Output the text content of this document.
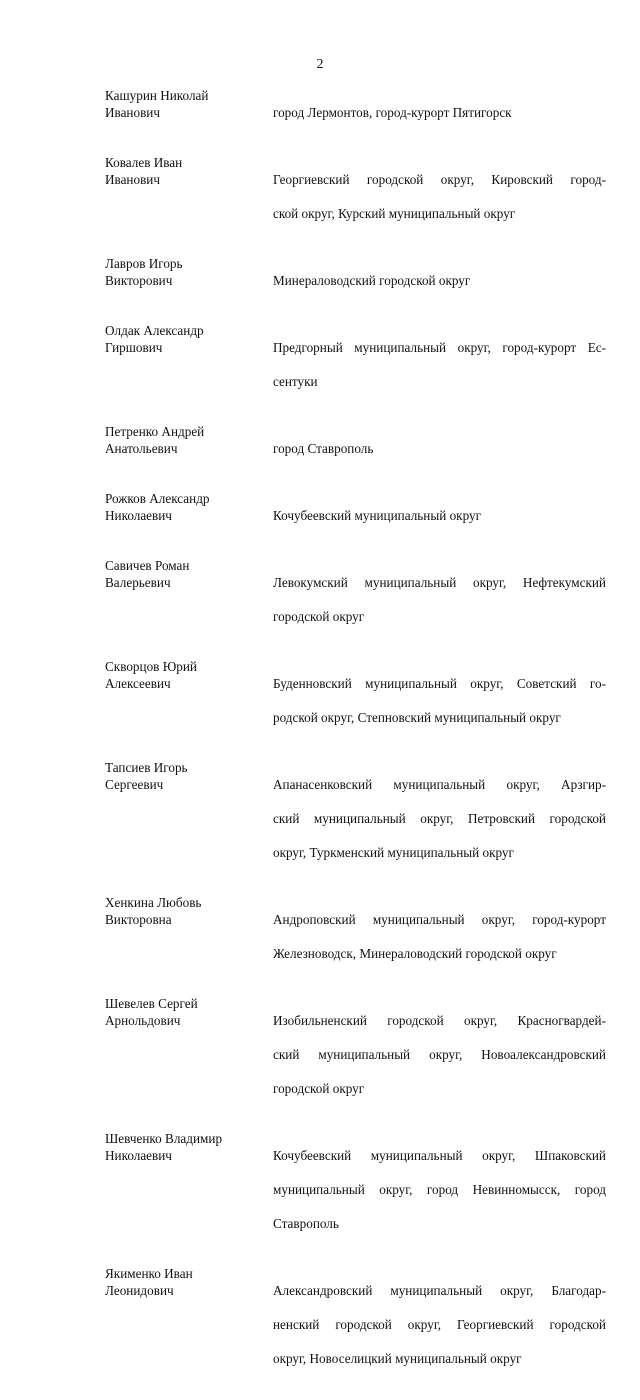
2
Кашурин Николай
Иванович	город Лермонтов, город-курорт Пятигорск

Ковалев Иван
Иванович	Георгиевский городской округ, Кировский город-

ской округ, Курский муниципальный округ

Лавров Игорь
Викторович	Минераловодский городской округ

Олдак Александр
Гиршович	Предгорный муниципальный округ, город-курорт Ес-

сентуки

Петренко Андрей
Анатольевич	город Ставрополь

Рожков Александр
Николаевич	Кочубеевский муниципальный округ

Савичев Роман
Валерьевич	Левокумский муниципальный округ, Нефтекумский

городской округ

Скворцов Юрий
Алексеевич	Буденновский муниципальный округ, Советский го-

родской округ, Степновский муниципальный округ

Тапсиев Игорь
Сергеевич	Апанасенковский муниципальный округ, Арзгир-

ский муниципальный округ, Петровский городской

округ, Туркменский муниципальный округ

Хенкина Любовь
Викторовна	Андроповский муниципальный округ, город-курорт

Железноводск, Минераловодский городской округ

Шевелев Сергей
Арнольдович	Изобильненский городской округ, Красногвардей-

ский муниципальный округ, Новоалександровский

городской округ

Шевченко Владимир
Николаевич	Кочубеевский муниципальный округ, Шпаковский

муниципальный округ, город Невинномысск, город

Ставрополь

Якименко Иван
Леонидович	Александровский муниципальный округ, Благодар-

ненский городской округ, Георгиевский городской

округ, Новоселицкий муниципальный округ
